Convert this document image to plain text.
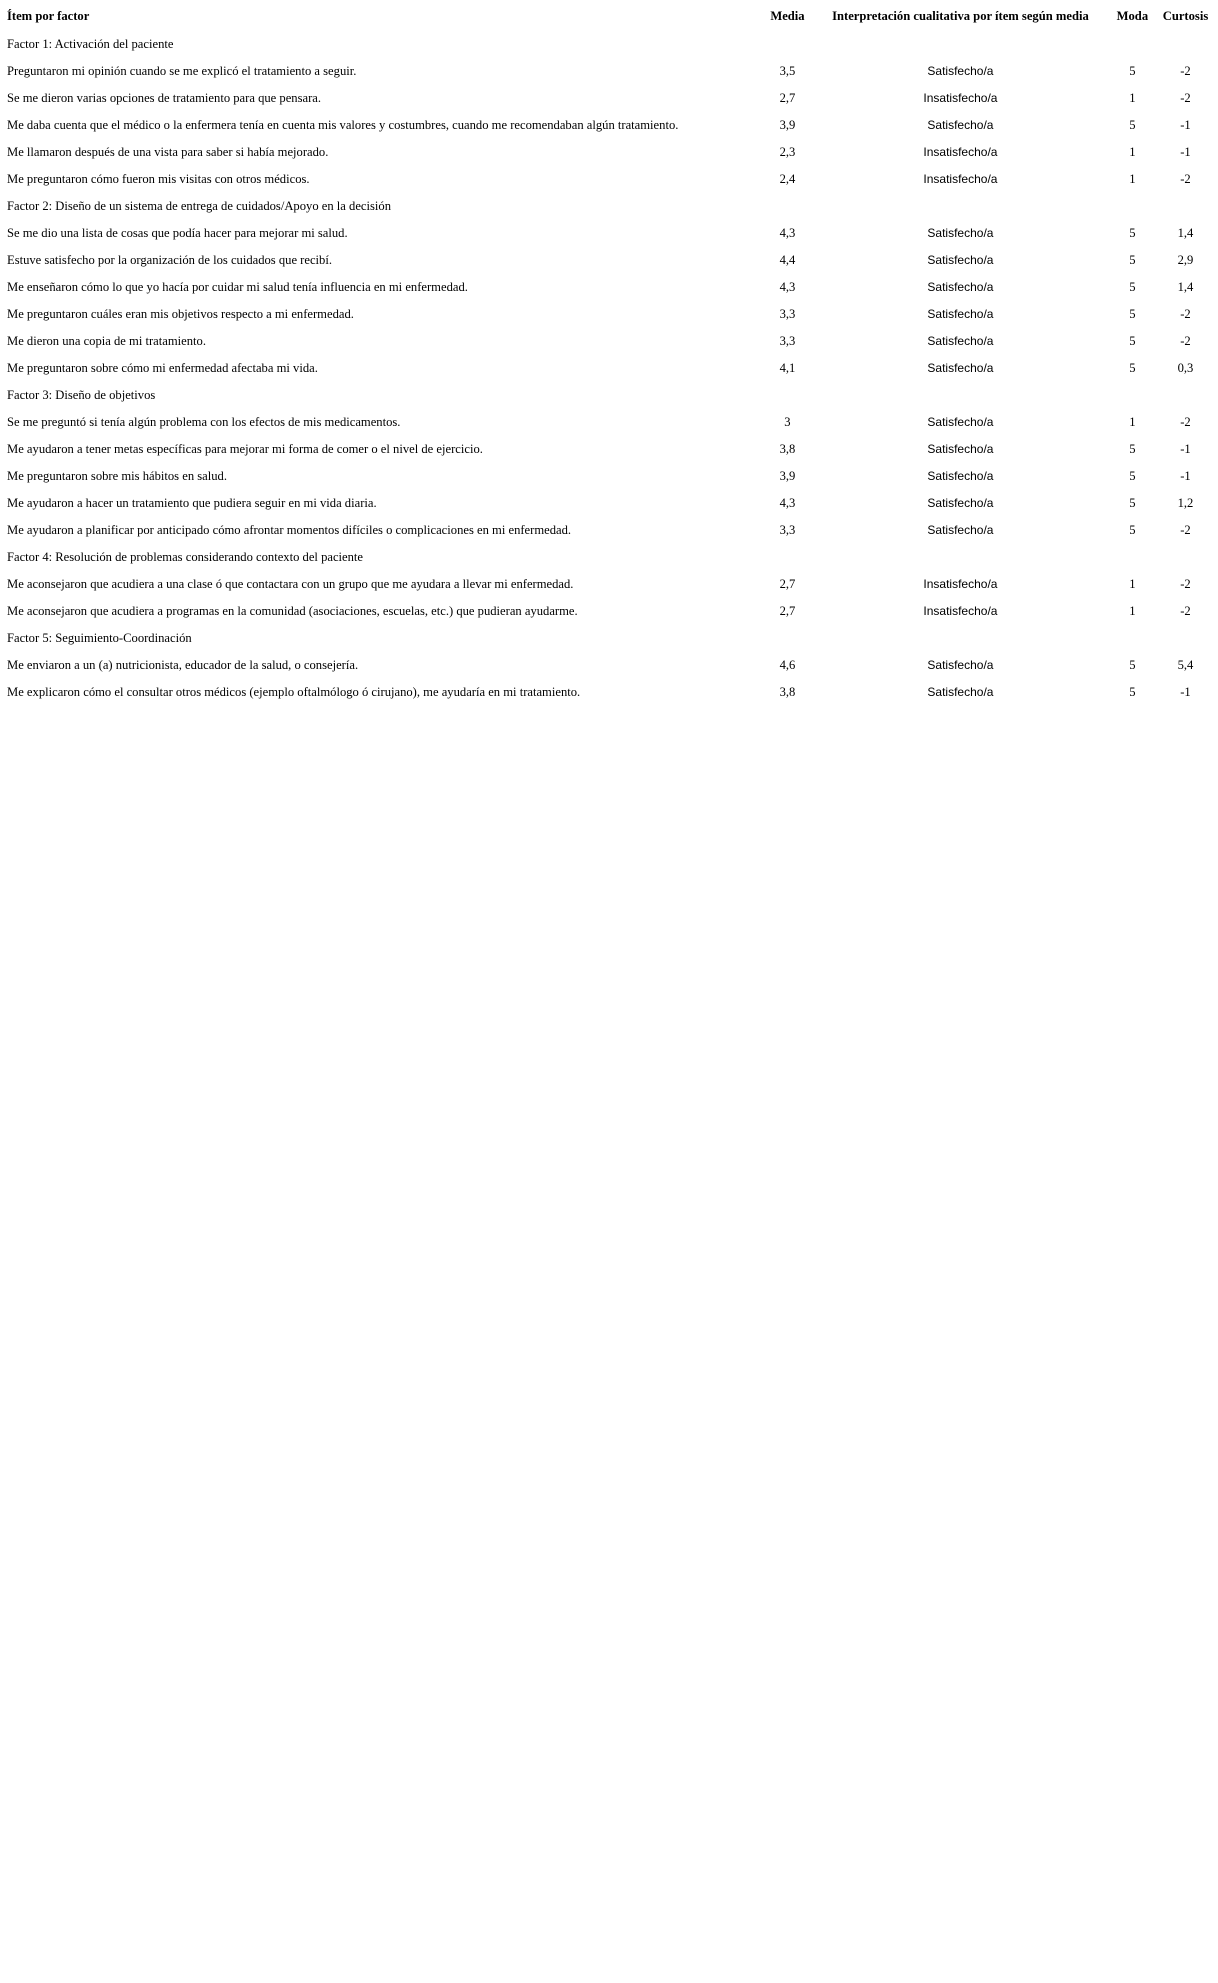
Ítem por factor	Media	Interpretación cualitativa por ítem según media	Moda	Curtosis
Factor 1: Activación del paciente				
Preguntaron mi opinión cuando se me explicó el tratamiento a seguir.	3,5	Satisfecho/a	5	-2
Se me dieron varias opciones de tratamiento para que pensara.	2,7	Insatisfecho/a	1	-2
Me daba cuenta que el médico o la enfermera tenía en cuenta mis valores y costumbres, cuando me recomendaban algún tratamiento.	3,9	Satisfecho/a	5	-1
Me llamaron después de una vista para saber si había mejorado.	2,3	Insatisfecho/a	1	-1
Me preguntaron cómo fueron mis visitas con otros médicos.	2,4	Insatisfecho/a	1	-2
Factor 2: Diseño de un sistema de entrega de cuidados/Apoyo en la decisión				
Se me dio una lista de cosas que podía hacer para mejorar mi salud.	4,3	Satisfecho/a	5	1,4
Estuve satisfecho por la organización de los cuidados que recibí.	4,4	Satisfecho/a	5	2,9
Me enseñaron cómo lo que yo hacía por cuidar mi salud tenía influencia en mi enfermedad.	4,3	Satisfecho/a	5	1,4
Me preguntaron cuáles eran mis objetivos respecto a mi enfermedad.	3,3	Satisfecho/a	5	-2
Me dieron una copia de mi tratamiento.	3,3	Satisfecho/a	5	-2
Me preguntaron sobre cómo mi enfermedad afectaba mi vida.	4,1	Satisfecho/a	5	0,3
Factor 3: Diseño de objetivos				
Se me preguntó si tenía algún problema con los efectos de mis medicamentos.	3	Satisfecho/a	1	-2
Me ayudaron a tener metas específicas para mejorar mi forma de comer o el nivel de ejercicio.	3,8	Satisfecho/a	5	-1
Me preguntaron sobre mis hábitos en salud.	3,9	Satisfecho/a	5	-1
Me ayudaron a hacer un tratamiento que pudiera seguir en mi vida diaria.	4,3	Satisfecho/a	5	1,2
Me ayudaron a planificar por anticipado cómo afrontar momentos difíciles o complicaciones en mi enfermedad.	3,3	Satisfecho/a	5	-2
Factor 4: Resolución de problemas considerando contexto del paciente				
Me aconsejaron que acudiera a una clase ó que contactara con un grupo que me ayudara a llevar mi enfermedad.	2,7	Insatisfecho/a	1	-2
Me aconsejaron que acudiera a programas en la comunidad (asociaciones, escuelas, etc.) que pudieran ayudarme.	2,7	Insatisfecho/a	1	-2
Factor 5: Seguimiento-Coordinación				
Me enviaron a un (a) nutricionista, educador de la salud, o consejería.	4,6	Satisfecho/a	5	5,4
Me explicaron cómo el consultar otros médicos (ejemplo oftalmólogo ó cirujano), me ayudaría en mi tratamiento.	3,8	Satisfecho/a	5	-1
